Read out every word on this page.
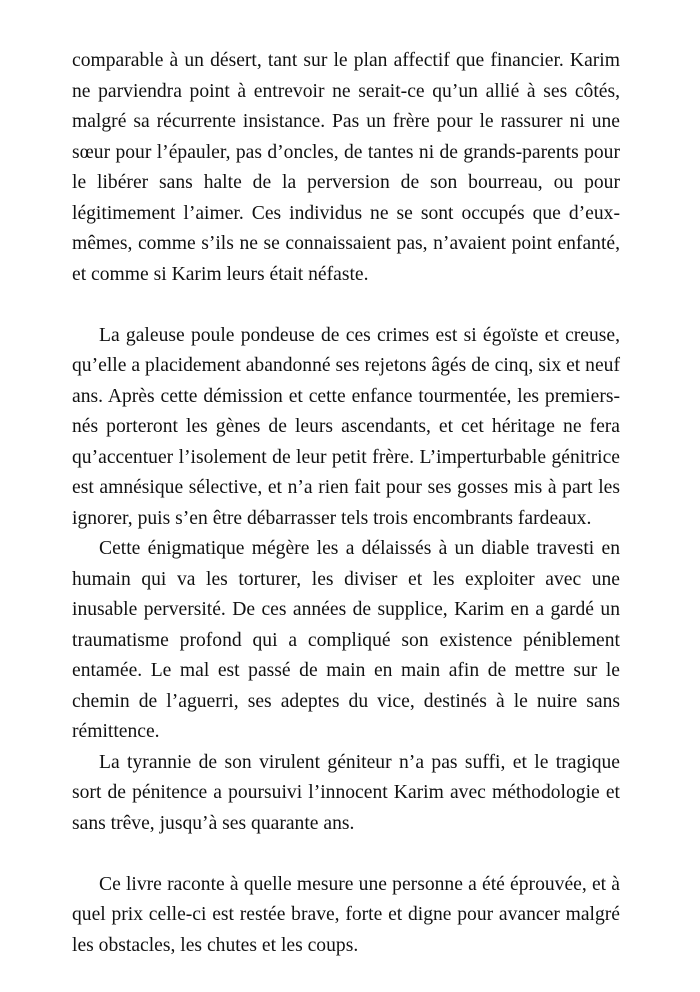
comparable à un désert, tant sur le plan affectif que financier. Karim ne parviendra point à entrevoir ne serait-ce qu’un allié à ses côtés, malgré sa récurrente insistance. Pas un frère pour le rassurer ni une sœur pour l’épauler, pas d’oncles, de tantes ni de grands-parents pour le libérer sans halte de la perversion de son bourreau, ou pour légitimement l’aimer. Ces individus ne se sont occupés que d’eux-mêmes, comme s’ils ne se connaissaient pas, n’avaient point enfanté, et comme si Karim leurs était néfaste.

La galeuse poule pondeuse de ces crimes est si égoïste et creuse, qu’elle a placidement abandonné ses rejetons âgés de cinq, six et neuf ans. Après cette démission et cette enfance tourmentée, les premiers-nés porteront les gènes de leurs ascendants, et cet héritage ne fera qu’accentuer l’isolement de leur petit frère. L’imperturbable génitrice est amnésique sélective, et n’a rien fait pour ses gosses mis à part les ignorer, puis s’en être débarrasser tels trois encombrants fardeaux.

Cette énigmatique mégère les a délaissés à un diable travesti en humain qui va les torturer, les diviser et les exploiter avec une inusable perversité. De ces années de supplice, Karim en a gardé un traumatisme profond qui a compliqué son existence péniblement entamée. Le mal est passé de main en main afin de mettre sur le chemin de l’aguerri, ses adeptes du vice, destinés à le nuire sans rémittence.

La tyrannie de son virulent géniteur n’a pas suffi, et le tragique sort de pénitence a poursuivi l’innocent Karim avec méthodologie et sans trêve, jusqu’à ses quarante ans.

Ce livre raconte à quelle mesure une personne a été éprouvée, et à quel prix celle-ci est restée brave, forte et digne pour avancer malgré les obstacles, les chutes et les coups.
